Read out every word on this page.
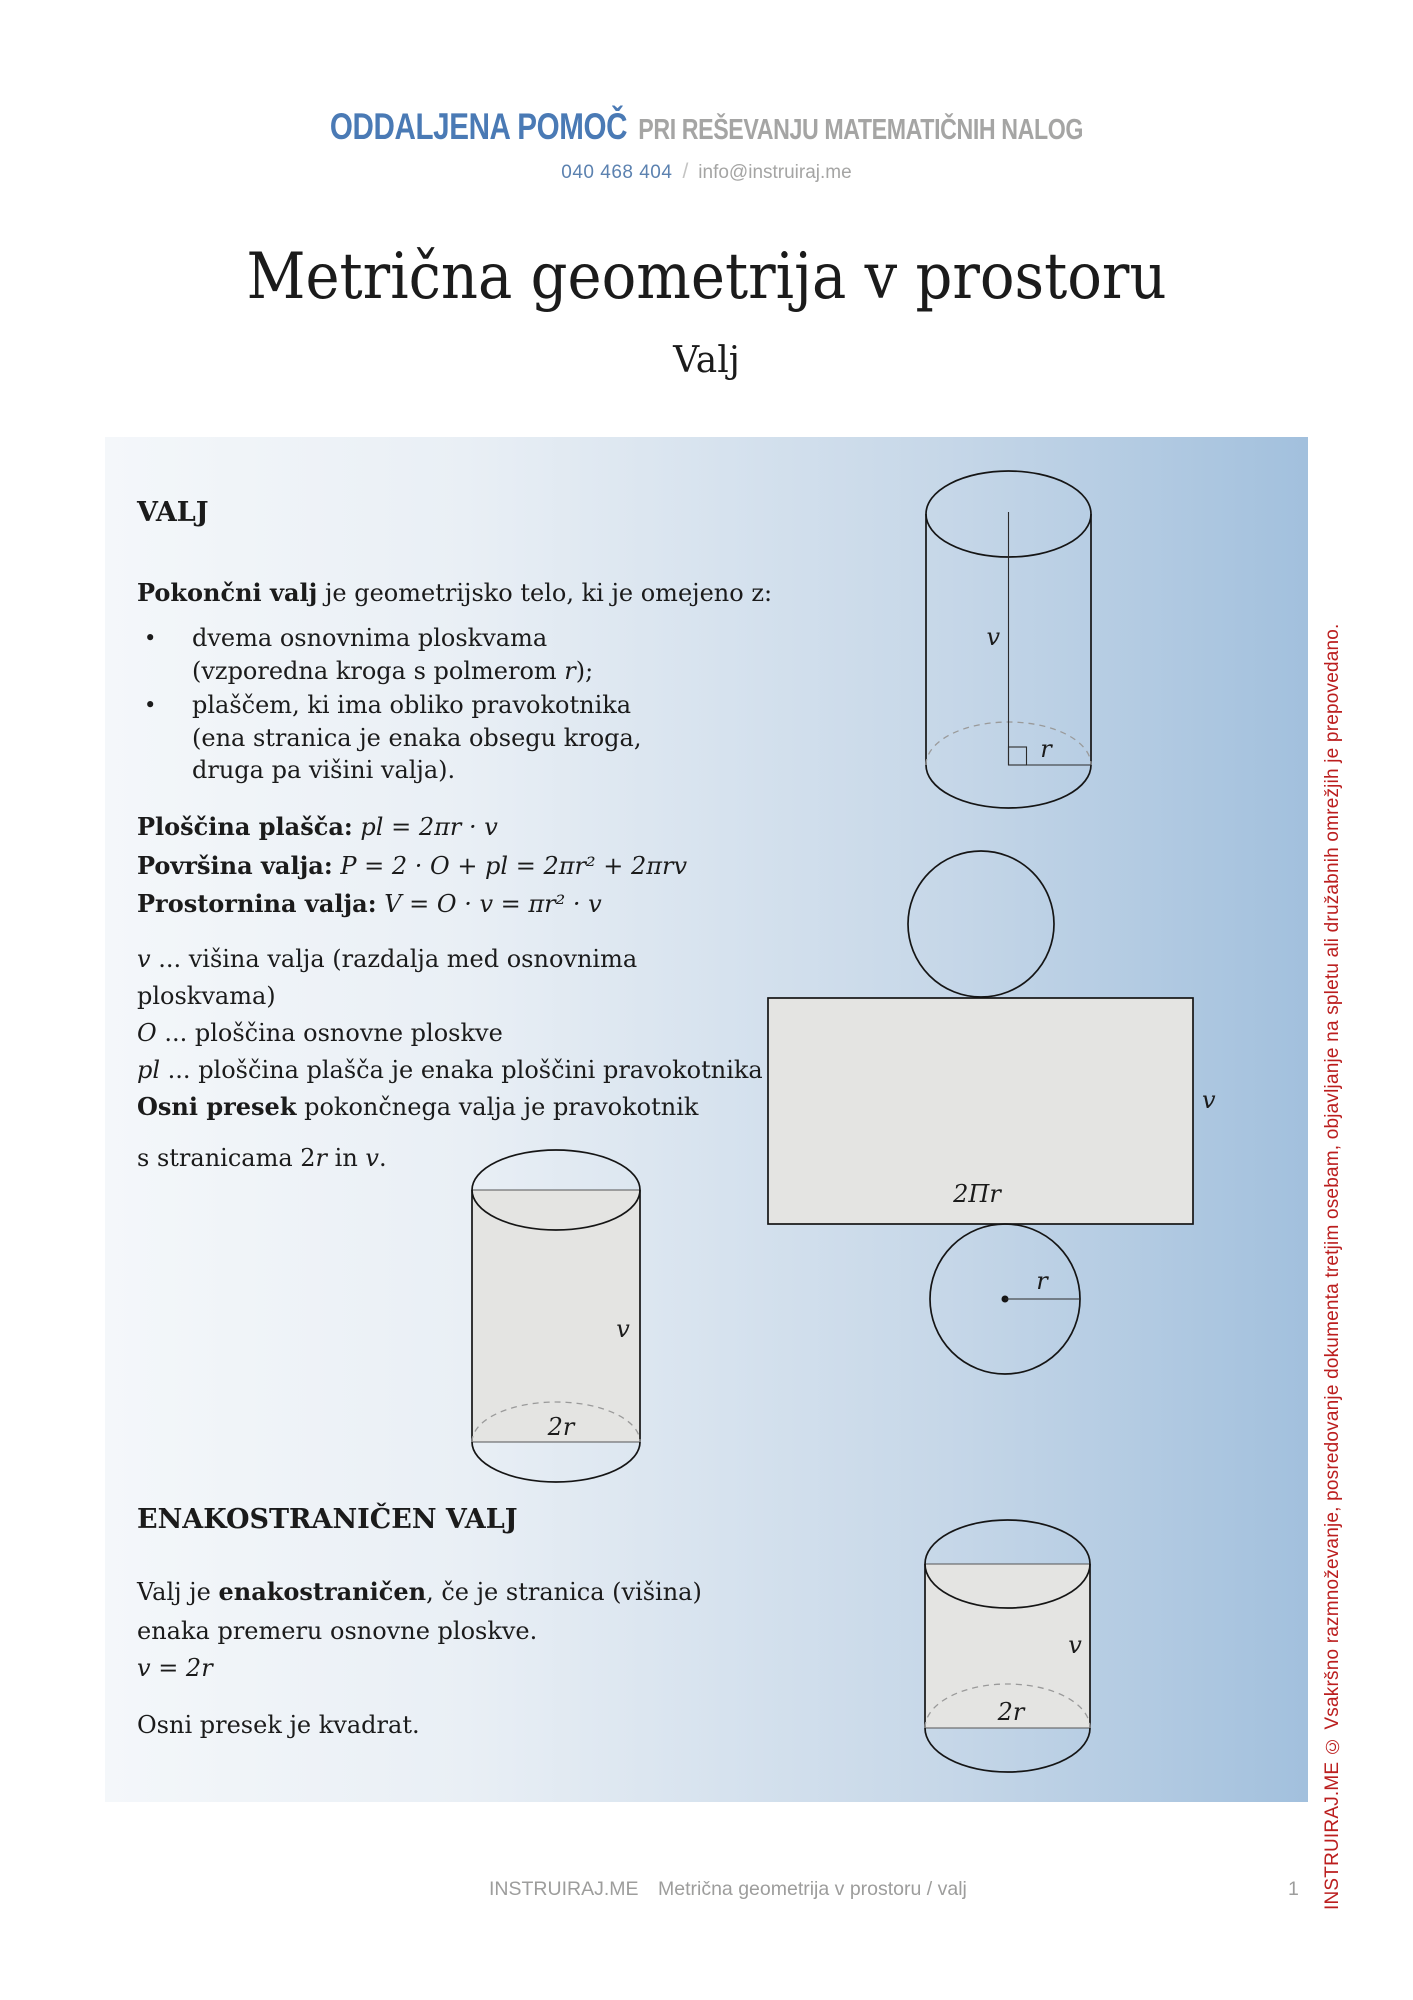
ODDALJENA POMOČ PRI REŠEVANJU MATEMATIČNIH NALOG
040 468 404 / info@instruiraj.me
Metrična geometrija v prostoru
Valj
VALJ

Pokončni valj je geometrijsko telo, ki je omejeno z:

•	dvema osnovnima ploskvama
(vzporedna kroga s polmerom r);
•	plaščem, ki ima obliko pravokotnika
(ena stranica je enaka obsegu kroga,
druga pa višini valja).
Ploščina plašča: pl = 2πr · v
Površina valja: P = 2 · O + pl = 2πr² + 2πrv
Prostornina valja: V = O · v = πr² · v
v ... višina valja (razdalja med osnovnima ploskvama)
O ... ploščina osnovne ploskve
pl ... ploščina plašča je enaka ploščini pravokotnika

Osni presek pokončnega valja je pravokotnik

s stranicama 2r in v.

ENAKOSTRANIČEN VALJ

Valj je enakostraničen, če je stranica (višina)

enaka premeru osnovne ploskve.

v = 2r

Osni presek je kvadrat.

v
r
v
2Πr
r
v
2r
v
2r	INSTRUIRAJ.ME © Vsakršno razmnoževanje, posredovanje dokumenta tretjim osebam, objavljanje na spletu ali družabnih omrežjih je prepovedano.
INSTRUIRAJ.ME Metrična geometrija v prostoru / valj	1
